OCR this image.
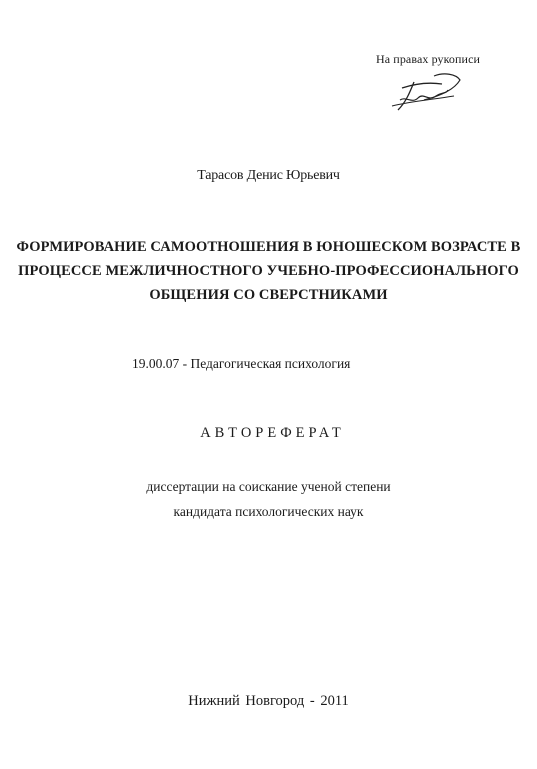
На правах рукописи
Тарасов Денис Юрьевич
ФОРМИРОВАНИЕ САМООТНОШЕНИЯ В ЮНОШЕСКОМ ВОЗРАСТЕ В
ПРОЦЕССЕ МЕЖЛИЧНОСТНОГО УЧЕБНО-ПРОФЕССИОНАЛЬНОГО
ОБЩЕНИЯ СО СВЕРСТНИКАМИ
19.00.07 - Педагогическая психология
АВТОРЕФЕРАТ
диссертации на соискание ученой степени
кандидата психологических наук
Нижний Новгород - 2011
